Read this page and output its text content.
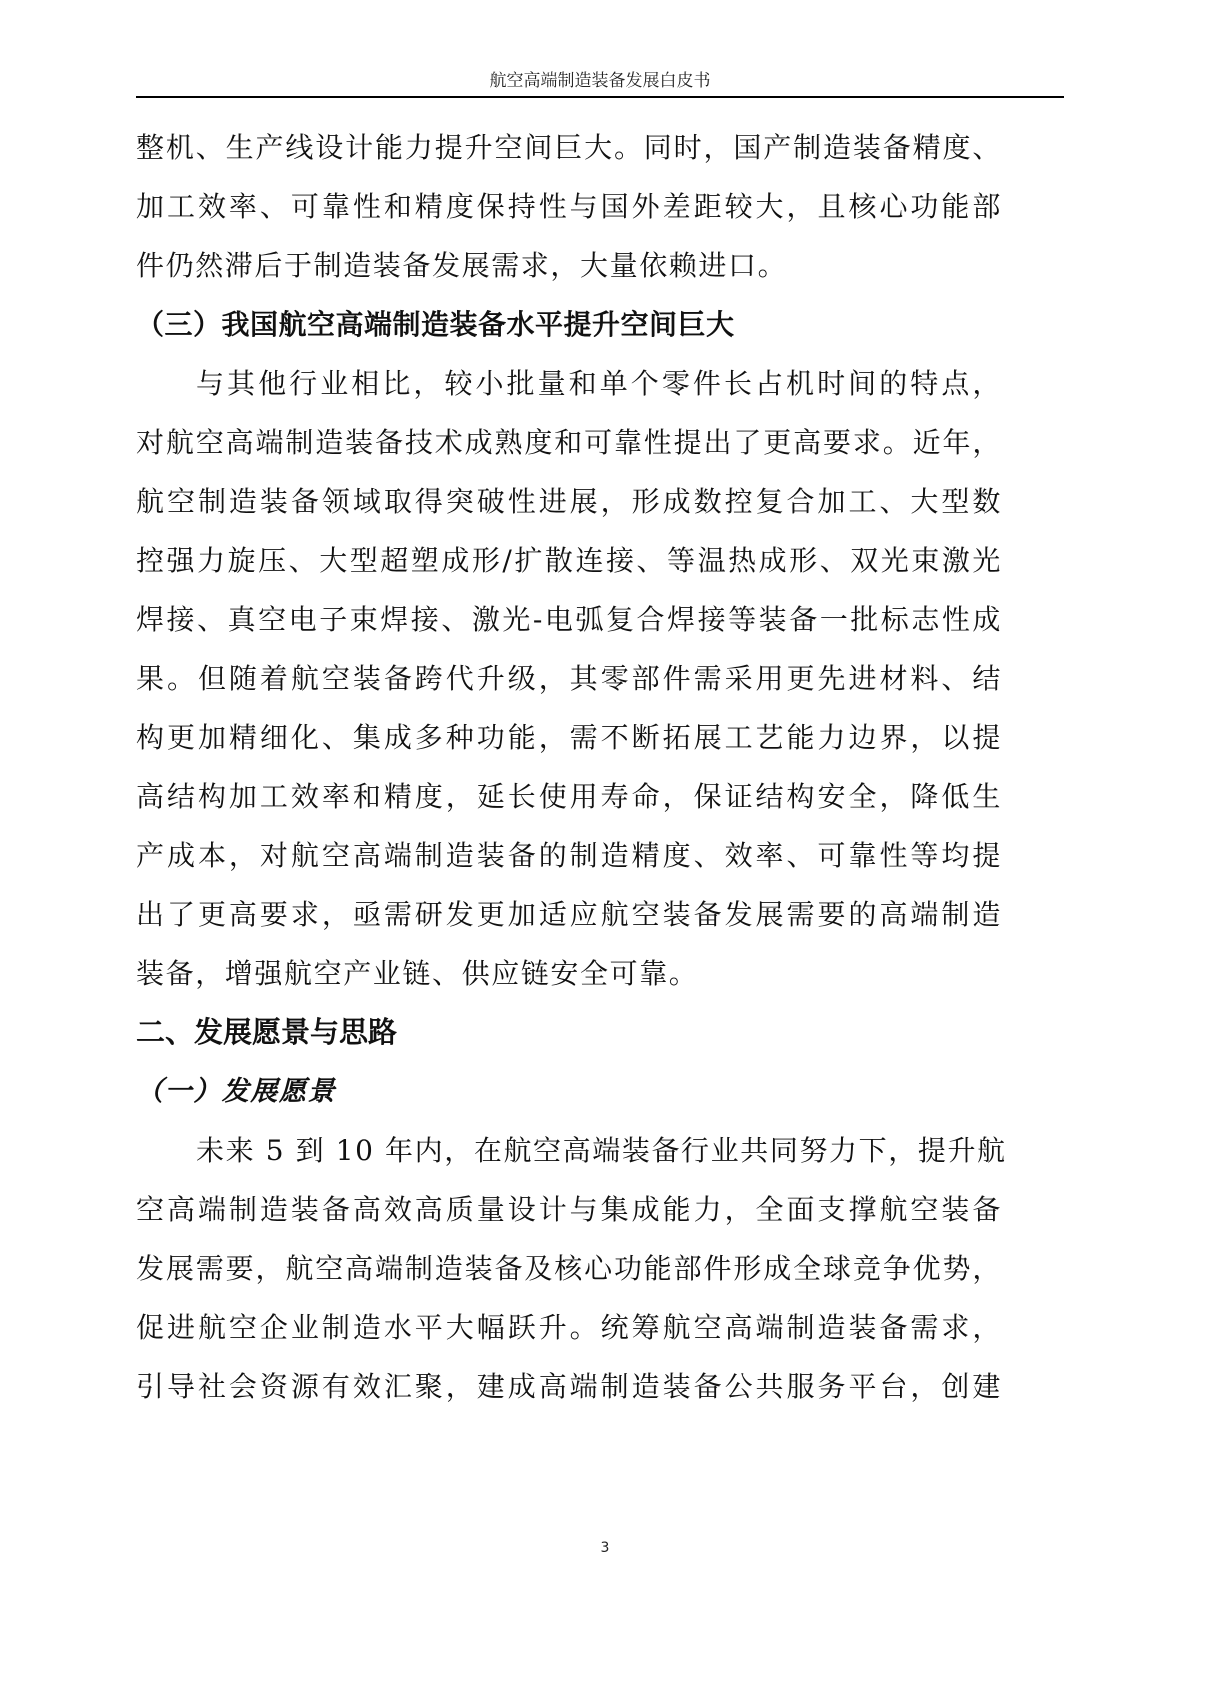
航空高端制造装备发展白皮书
整机、生产线设计能力提升空间巨大。同时，国产制造装备精度、
加工效率、可靠性和精度保持性与国外差距较大，且核心功能部
件仍然滞后于制造装备发展需求，大量依赖进口。
（三）我国航空高端制造装备水平提升空间巨大
与其他行业相比，较小批量和单个零件长占机时间的特点，
对航空高端制造装备技术成熟度和可靠性提出了更高要求。近年，
航空制造装备领域取得突破性进展，形成数控复合加工、大型数
控强力旋压、大型超塑成形/扩散连接、等温热成形、双光束激光
焊接、真空电子束焊接、激光-电弧复合焊接等装备一批标志性成
果。但随着航空装备跨代升级，其零部件需采用更先进材料、结
构更加精细化、集成多种功能，需不断拓展工艺能力边界，以提
高结构加工效率和精度，延长使用寿命，保证结构安全，降低生
产成本，对航空高端制造装备的制造精度、效率、可靠性等均提
出了更高要求，亟需研发更加适应航空装备发展需要的高端制造
装备，增强航空产业链、供应链安全可靠。
二、发展愿景与思路
（一）发展愿景
未来 5 到 10 年内，在航空高端装备行业共同努力下，提升航
空高端制造装备高效高质量设计与集成能力，全面支撑航空装备
发展需要，航空高端制造装备及核心功能部件形成全球竞争优势，
促进航空企业制造水平大幅跃升。统筹航空高端制造装备需求，
引导社会资源有效汇聚，建成高端制造装备公共服务平台，创建
3
